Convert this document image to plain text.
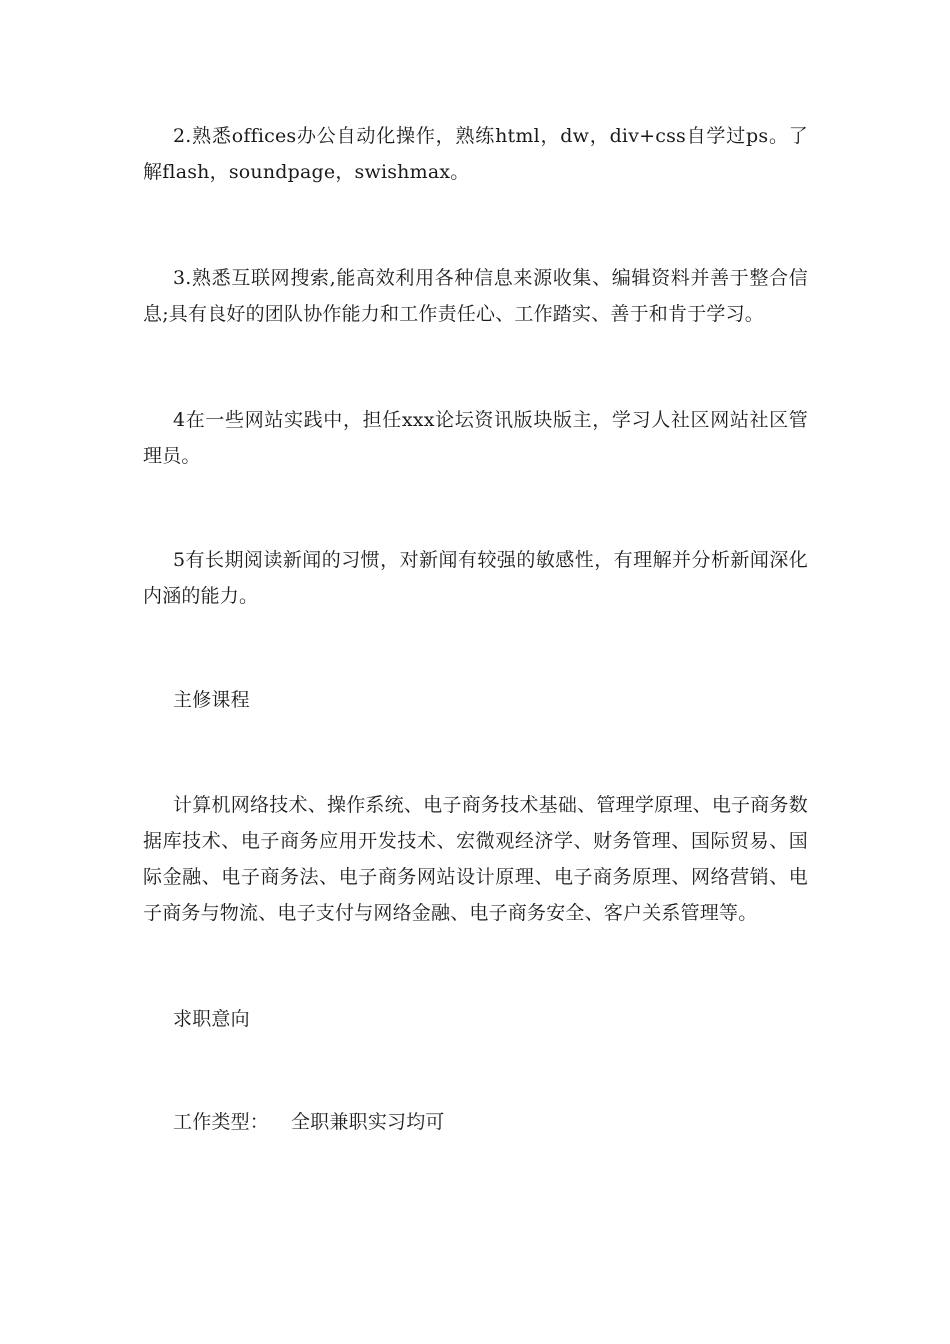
2.熟悉offices办公自动化操作，熟练html，dw，div+css自学过ps。了解flash，soundpage，swishmax。

3.熟悉互联网搜索,能高效利用各种信息来源收集、编辑资料并善于整合信息;具有良好的团队协作能力和工作责任心、工作踏实、善于和肯于学习。

4在一些网站实践中，担任xxx论坛资讯版块版主，学习人社区网站社区管理员。

5有长期阅读新闻的习惯，对新闻有较强的敏感性，有理解并分析新闻深化内涵的能力。

主修课程

计算机网络技术、操作系统、电子商务技术基础、管理学原理、电子商务数据库技术、电子商务应用开发技术、宏微观经济学、财务管理、国际贸易、国际金融、电子商务法、电子商务网站设计原理、电子商务原理、网络营销、电子商务与物流、电子支付与网络金融、电子商务安全、客户关系管理等。

求职意向

工作类型： 全职兼职实习均可
